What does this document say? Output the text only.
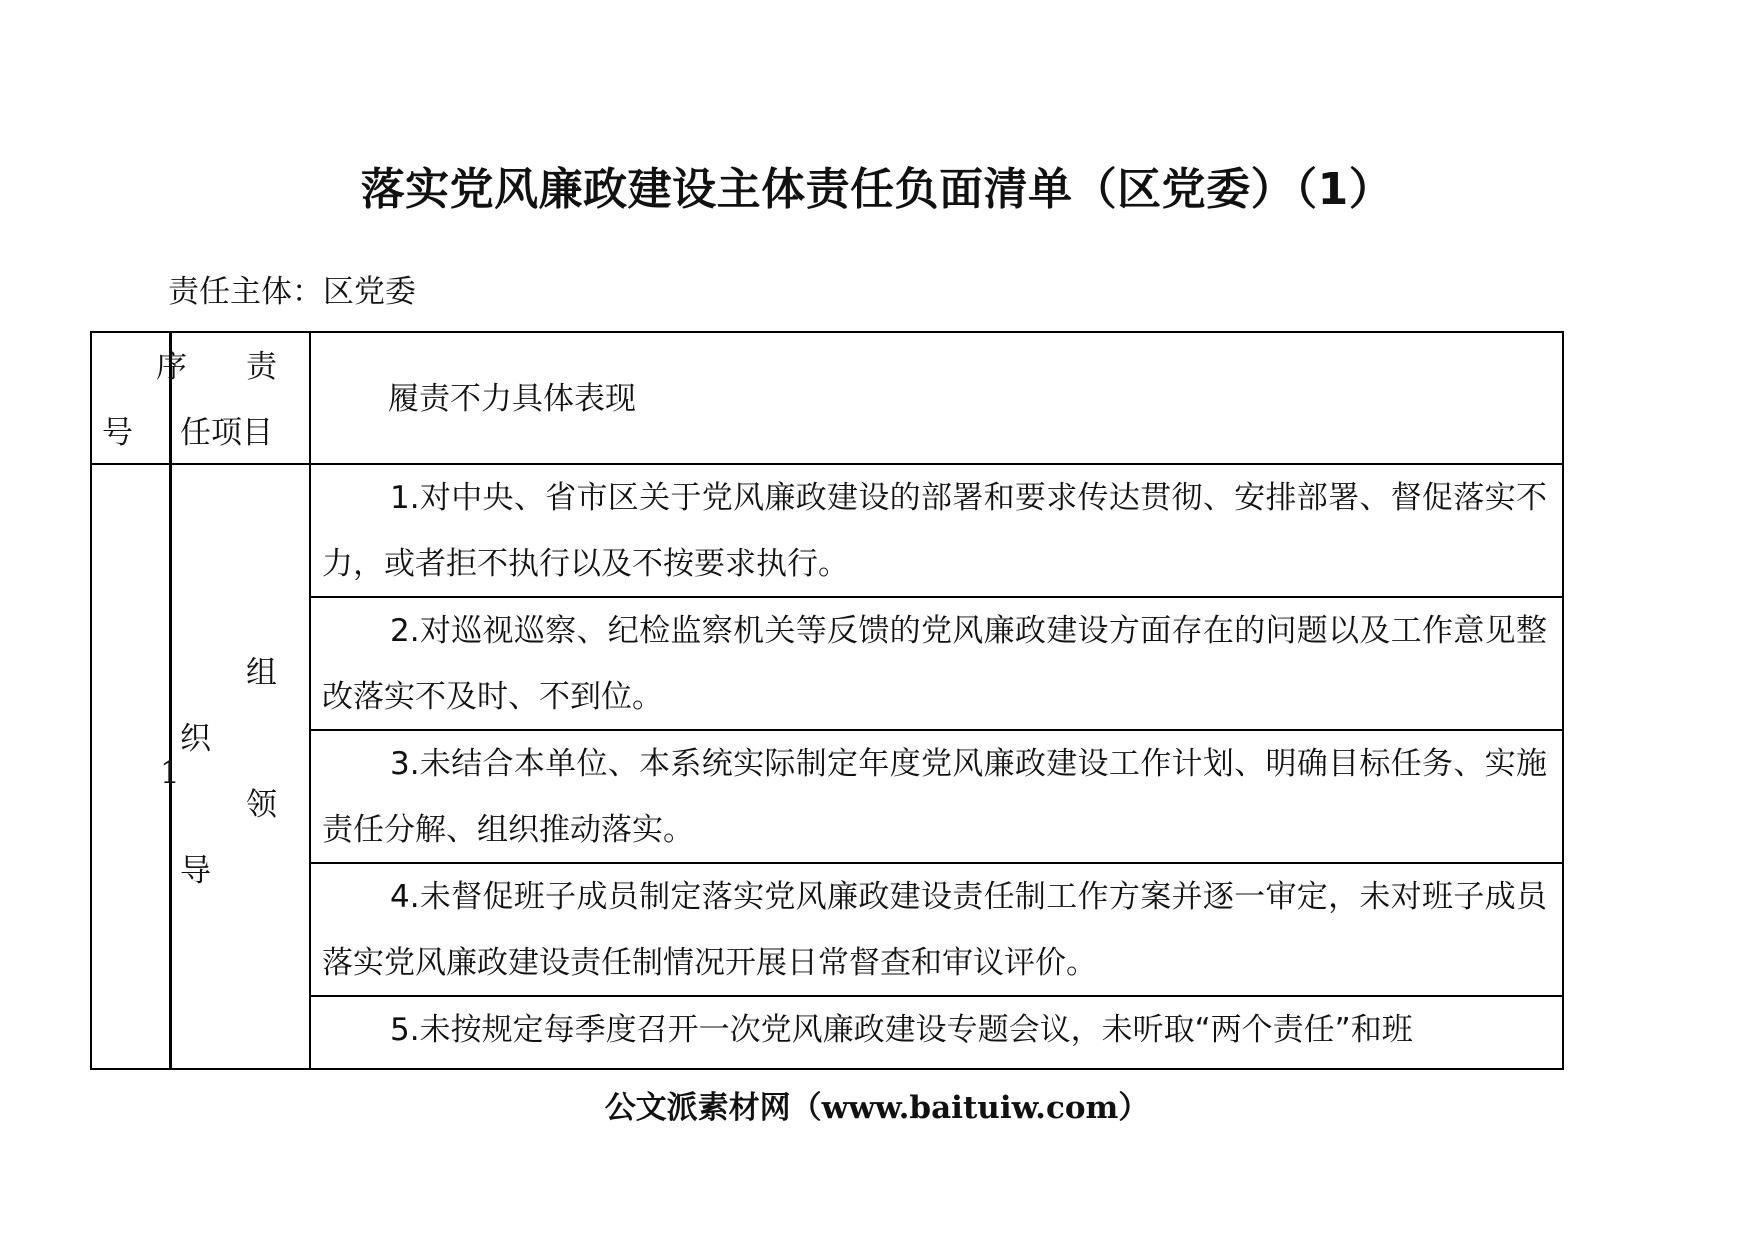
落实党风廉政建设主体责任负面清单（区党委）（1）
责任主体：区党委
序
号
责
任项目
履责不力具体表现
1
组
织
领
导
1.对中央、省市区关于党风廉政建设的部署和要求传达贯彻、安排部署、督促落实不力，或者拒不执行以及不按要求执行。
2.对巡视巡察、纪检监察机关等反馈的党风廉政建设方面存在的问题以及工作意见整改落实不及时、不到位。
3.未结合本单位、本系统实际制定年度党风廉政建设工作计划、明确目标任务、实施责任分解、组织推动落实。
4.未督促班子成员制定落实党风廉政建设责任制工作方案并逐一审定，未对班子成员落实党风廉政建设责任制情况开展日常督查和审议评价。
5.未按规定每季度召开一次党风廉政建设专题会议，未听取“两个责任”和班
公文派素材网（www.baituiw.com）
